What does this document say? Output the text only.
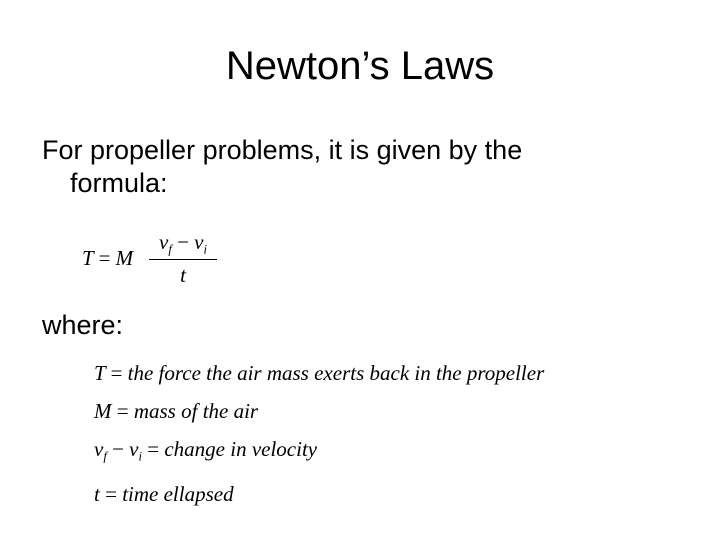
Newton’s Laws
For propeller problems, it is given by the
formula:
T = M
$v_f - v_i$
t
where:
T = the force the air mass exerts back in the propeller
M = mass of the air
$v_f - v_i$ = change in velocity
t = time ellapsed
